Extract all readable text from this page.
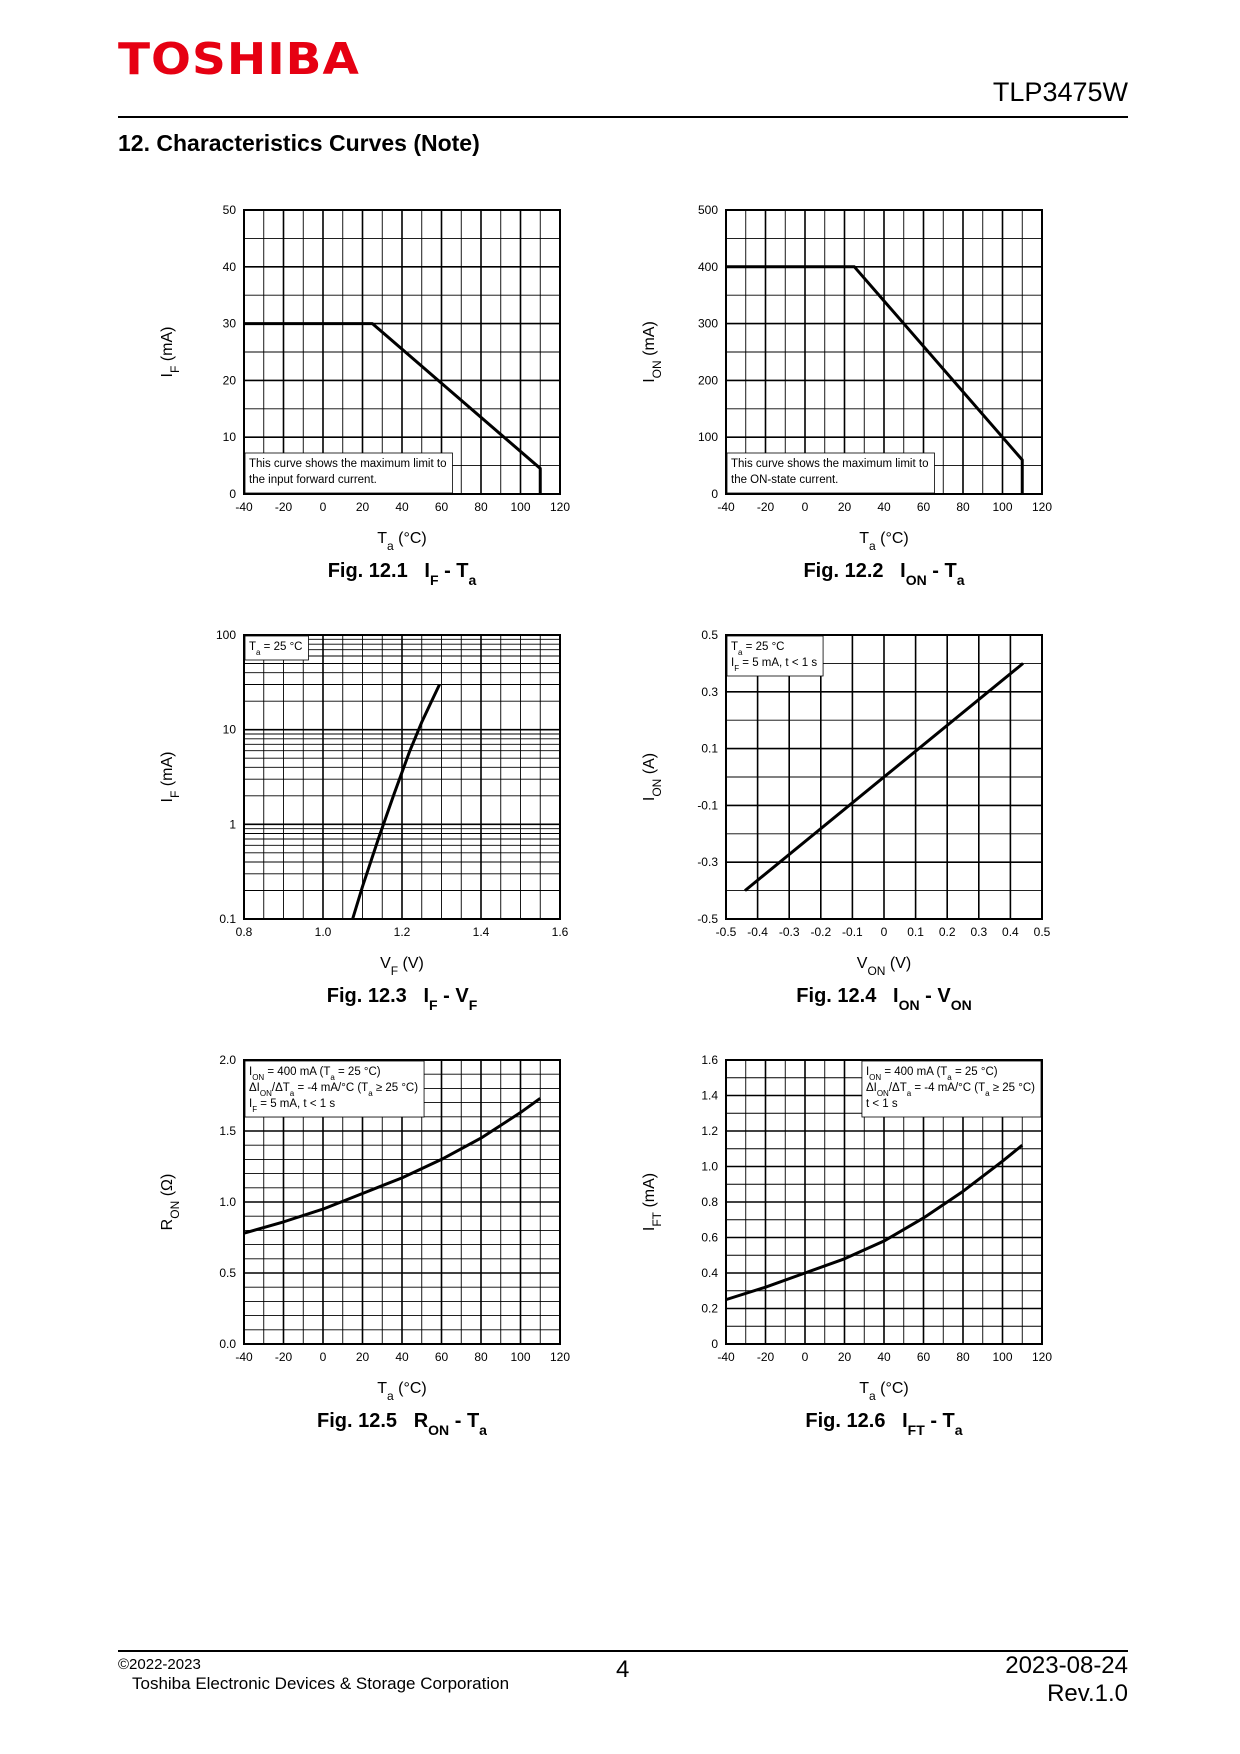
TOSHIBA
TLP3475W
12. Characteristics Curves (Note)
This curve shows the maximum limit to
the input forward current.
-40 -20 0 20 40 60 80 100 120
0
10
20
30
40
50
$T_a$ (°C)
$I_F$ (mA)
Fig. 12.1 $I_F - T_a$
This curve shows the maximum limit to
the ON-state current.
-40 -20 0 20 40 60 80 100 120
0
100
200
300
400
500
$T_a$ (°C)
$I_{ON}$ (mA)
Fig. 12.2 $I_{ON} - T_a$
$T_a = 25$ °C
0.8	1.0	1.2	1.4	1.6
0.1
1
10
100
$V_F$ (V)
$I_F$ (mA)
Fig. 12.3 $I_F - V_F$
$T_a = 25$ °C
$I_F = 5$ mA, t < 1 s
-0.5 -0.4 -0.3 -0.2 -0.1 0 0.1 0.2 0.3 0.4 0.5
-0.5
-0.3
-0.1
0.1
0.3
0.5
$V_{ON}$ (V)
$I_{ON}$ (A)
Fig. 12.4 $I_{ON} - V_{ON}$
$I_{ON} = 400$ mA ($T_a = 25$ °C)
$\Delta I_{ON}/\Delta T_a = -4$ mA/°C ($T_a \ge 25$ °C)
$I_F = 5$ mA, t < 1 s
-40 -20 0 20 40 60 80 100 120
0.0
0.5
1.0
1.5
2.0
$T_a$ (°C)
$R_{ON}$ (Ω)
Fig. 12.5 $R_{ON} - T_a$
$I_{ON} = 400$ mA ($T_a = 25$ °C)
$\Delta I_{ON}/\Delta T_a = -4$ mA/°C ($T_a \ge 25$ °C)
t < 1 s
-40 -20 0 20 40 60 80 100 120
0
0.2
0.4
0.6
0.8
1.0
1.2
1.4
1.6
$T_a$ (°C)
$I_{FT}$ (mA)
Fig. 12.6 $I_{FT} - T_a$
©2022-2023
Toshiba Electronic Devices & Storage Corporation
4	2023-08-24
Rev.1.0
